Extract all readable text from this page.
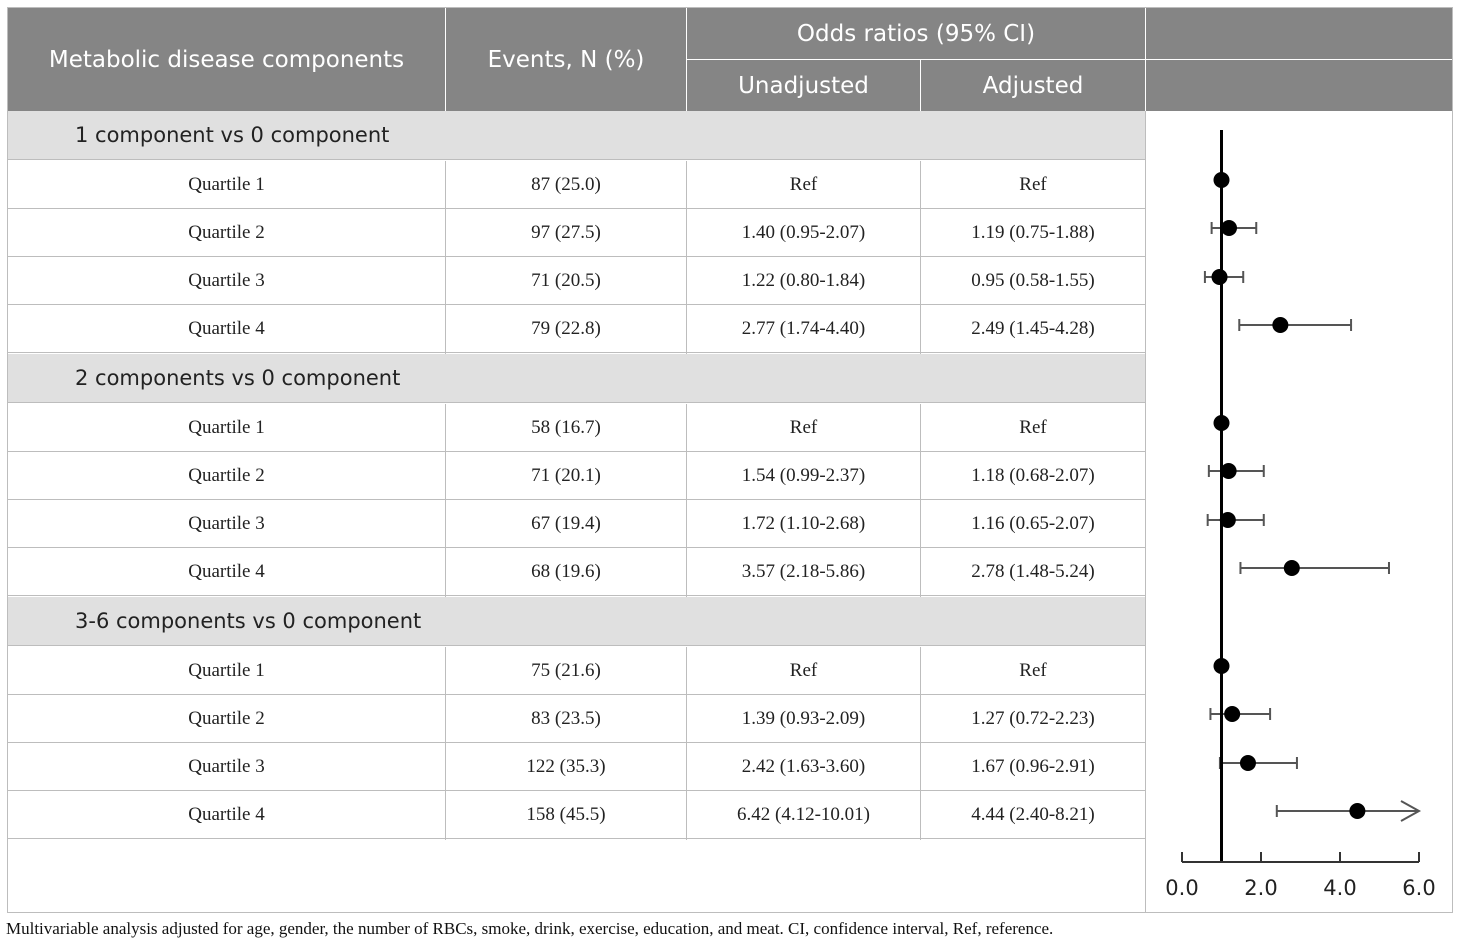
Metabolic disease components	Events, N (%)
Odds ratios (95% CI)
Unadjusted	Adjusted
1 component vs 0 component
Quartile 1	87 (25.0)	Ref	Ref
Quartile 2	97 (27.5)	1.40 (0.95-2.07)	1.19 (0.75-1.88)
Quartile 3	71 (20.5)	1.22 (0.80-1.84)	0.95 (0.58-1.55)
Quartile 4	79 (22.8)	2.77 (1.74-4.40)	2.49 (1.45-4.28)
2 components vs 0 component
Quartile 1	58 (16.7)	Ref	Ref
Quartile 2	71 (20.1)	1.54 (0.99-2.37)	1.18 (0.68-2.07)
Quartile 3	67 (19.4)	1.72 (1.10-2.68)	1.16 (0.65-2.07)
Quartile 4	68 (19.6)	3.57 (2.18-5.86)	2.78 (1.48-5.24)
3-6 components vs 0 component
Quartile 1	75 (21.6)	Ref	Ref
Quartile 2	83 (23.5)	1.39 (0.93-2.09)	1.27 (0.72-2.23)
Quartile 3	122 (35.3)	2.42 (1.63-3.60)	1.67 (0.96-2.91)
Quartile 4	158 (45.5)	6.42 (4.12-10.01)	4.44 (2.40-8.21)
0.0 2.0 4.0 6.0
Multivariable analysis adjusted for age, gender, the number of RBCs, smoke, drink, exercise, education, and meat. CI, confidence interval, Ref, reference.
